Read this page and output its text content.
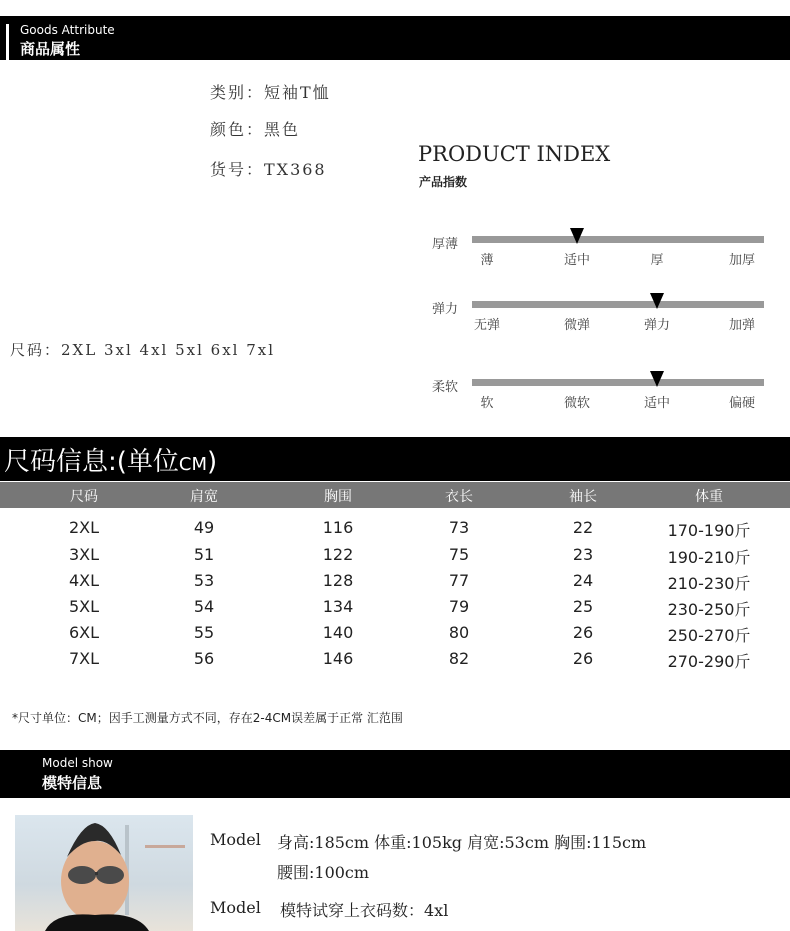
Goods Attribute
商品属性
类别：短袖T恤
颜色：黑色
货号：TX368
PRODUCT INDEX
产品指数
厚薄
薄	适中	厚	加厚
弹力
无弹	微弹	弹力	加弹
柔软
软	微软	适中	偏硬
尺码：2XL 3xl 4xl 5xl 6xl 7xl
尺码信息:(单位CM)
尺码	肩宽	胸围	衣长	袖长	体重
2XL	49	116	73	22	170-190斤
3XL	51	122	75	23	190-210斤
4XL	53	128	77	24	210-230斤
5XL	54	134	79	25	230-250斤
6XL	55	140	80	26	250-270斤
7XL	56	146	82	26	270-290斤
*尺寸单位：CM；因手工测量方式不同，存在2-4CM误差属于正常 汇范围
Model show
模特信息
Model 身高:185cm 体重:105kg 肩宽:53cm 胸围:115cm
腰围:100cm
Model 模特试穿上衣码数：4xl
